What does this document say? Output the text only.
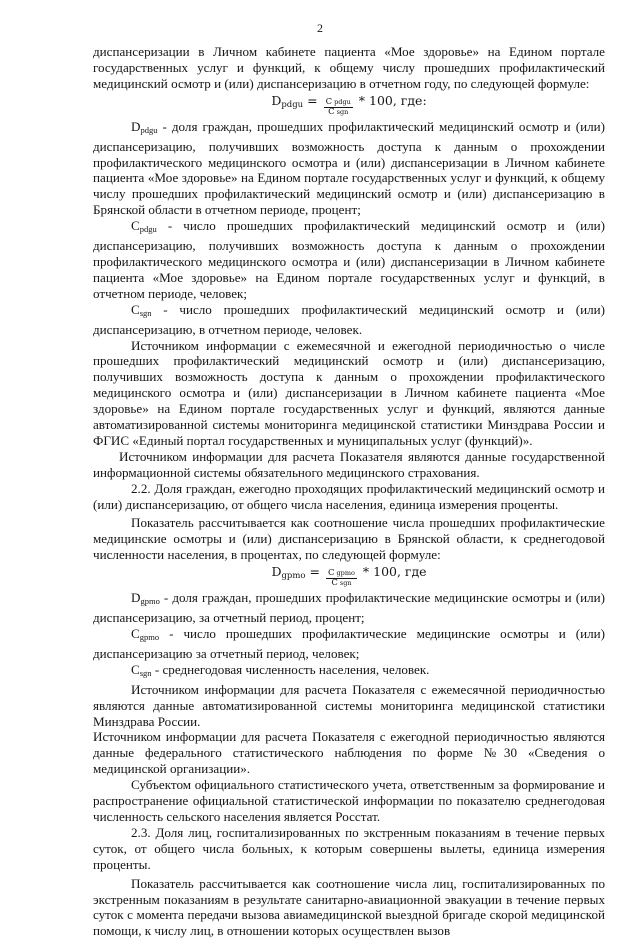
2

диспансеризации в Личном кабинете пациента «Мое здоровье» на Едином портале государственных услуг и функций, к общему числу прошедших профилактический медицинский осмотр и (или) диспансеризацию в отчетном году, по следующей формуле:

$D_{pdgu} = \frac{\text{C pdgu}}{\text{C sgn}} * 100$, где:

$D_{pdgu}$ - доля граждан, прошедших профилактический медицинский осмотр и (или) диспансеризацию, получивших возможность доступа к данным о прохождении профилактического медицинского осмотра и (или) диспансеризации в Личном кабинете пациента «Мое здоровье» на Едином портале государственных услуг и функций, к общему числу прошедших профилактический медицинский осмотр и (или) диспансеризацию в Брянской области в отчетном периоде, процент;

$C_{pdgu}$ - число прошедших профилактический медицинский осмотр и (или) диспансеризацию, получивших возможность доступа к данным о прохождении профилактического медицинского осмотра и (или) диспансеризации в Личном кабинете пациента «Мое здоровье» на Едином портале государственных услуг и функций, в отчетном периоде, человек;

$C_{sgn}$ - число прошедших профилактический медицинский осмотр и (или) диспансеризацию, в отчетном периоде, человек.

Источником информации с ежемесячной и ежегодной периодичностью о числе прошедших профилактический медицинский осмотр и (или) диспансеризацию, получивших возможность доступа к данным о прохождении профилактического медицинского осмотра и (или) диспансеризации в Личном кабинете пациента «Мое здоровье» на Едином портале государственных услуг и функций, являются данные автоматизированной системы мониторинга медицинской статистики Минздрава России и ФГИС «Единый портал государственных и муниципальных услуг (функций)».

Источником информации для расчета Показателя являются данные государственной информационной системы обязательного медицинского страхования.

2.2. Доля граждан, ежегодно проходящих профилактический медицинский осмотр и (или) диспансеризацию, от общего числа населения, единица измерения проценты.

Показатель рассчитывается как соотношение числа прошедших профилактические медицинские осмотры и (или) диспансеризацию в Брянской области, к среднегодовой численности населения, в процентах, по следующей формуле:

$D_{gpmo} = \frac{\text{C gpmo}}{\text{C sgn}} * 100$, где

$D_{gpmo}$ - доля граждан, прошедших профилактические медицинские осмотры и (или) диспансеризацию, за отчетный период, процент;

$C_{gpmo}$ - число прошедших профилактические медицинские осмотры и (или) диспансеризацию за отчетный период, человек;

$C_{sgn}$ - среднегодовая численность населения, человек.

Источником информации для расчета Показателя с ежемесячной периодичностью являются данные автоматизированной системы мониторинга медицинской статистики Минздрава России.

Источником информации для расчета Показателя с ежегодной периодичностью являются данные федерального статистического наблюдения по форме №30 «Сведения о медицинской организации».

Субъектом официального статистического учета, ответственным за формирование и распространение официальной статистической информации по показателю среднегодовая численность сельского населения является Росстат.

2.3. Доля лиц, госпитализированных по экстренным показаниям в течение первых суток, от общего числа больных, к которым совершены вылеты, единица измерения проценты.

Показатель рассчитывается как соотношение числа лиц, госпитализированных по экстренным показаниям в результате санитарно-авиационной эвакуации в течение первых суток с момента передачи вызова авиамедицинской выездной бригаде скорой медицинской помощи, к числу лиц, в отношении которых осуществлен вызов
